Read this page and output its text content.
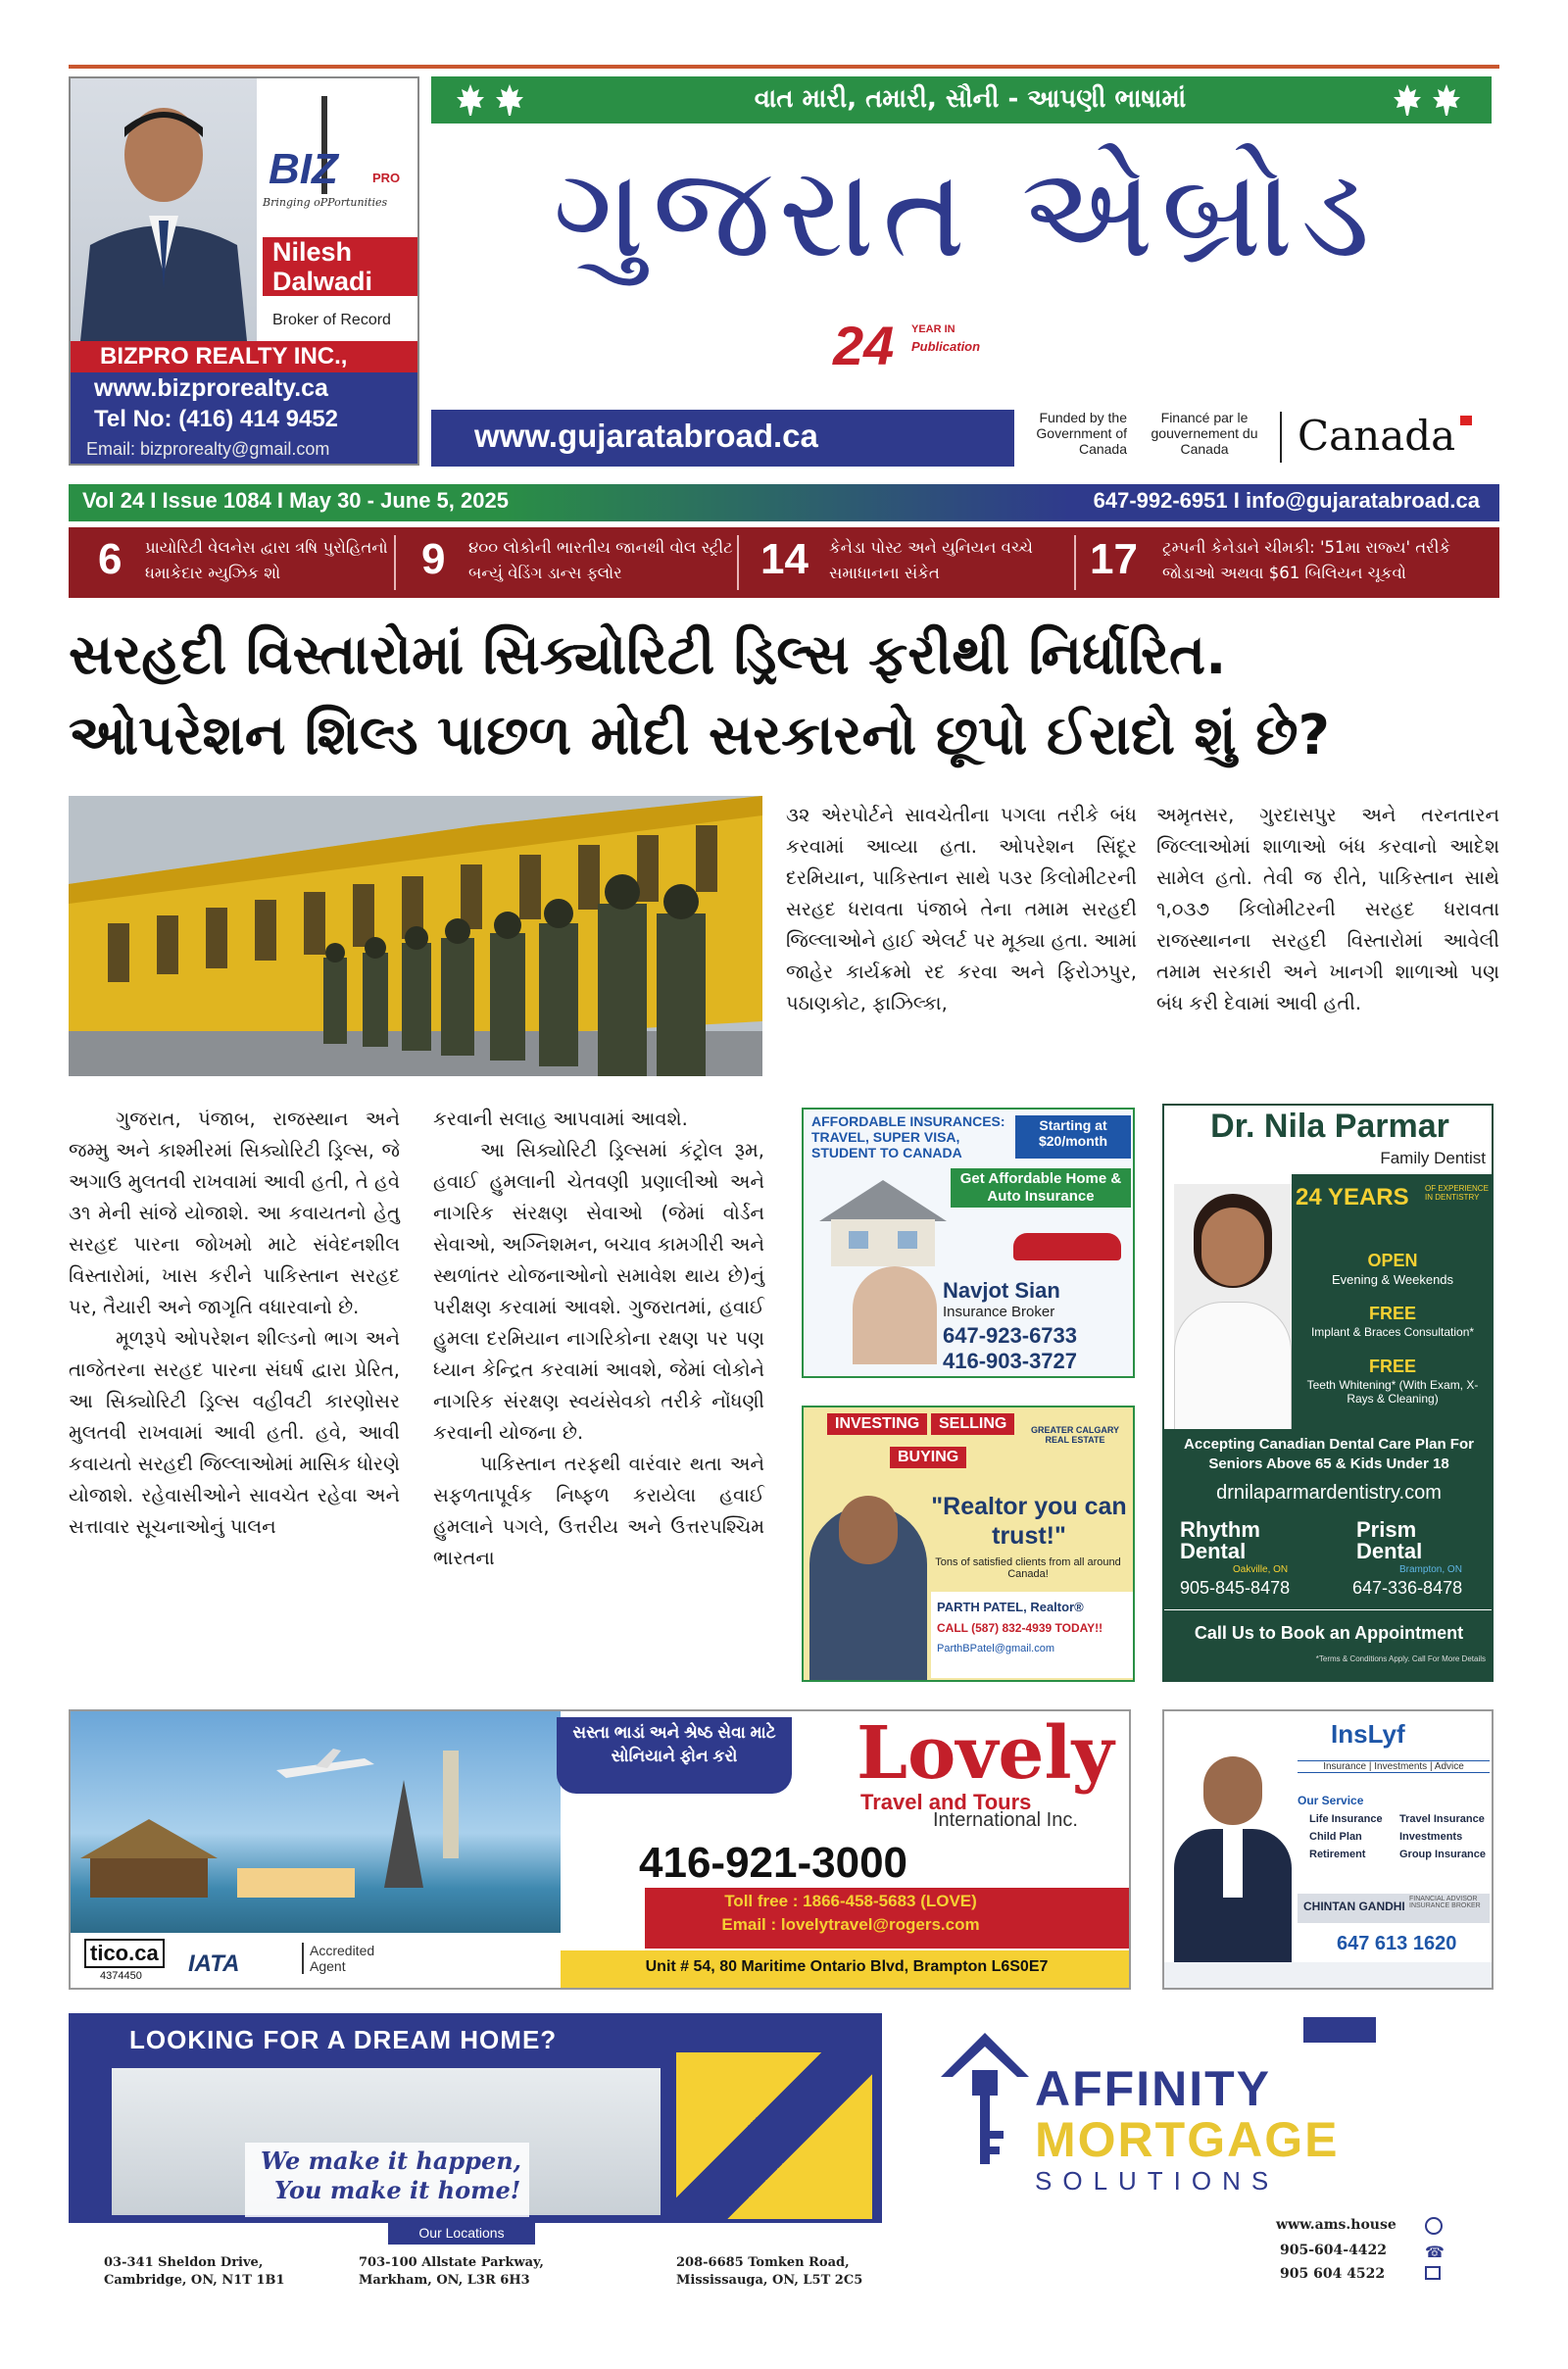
BIZ	PRO
Bringing oPPortunities
Nilesh
Dalwadi
Broker of Record
BIZPRO REALTY INC.,
www.bizprorealty.ca
Tel No: (416) 414 9452
Email: bizprorealty@gmail.com
વાત મારી, તમારી, સૌની - આપણી ભાષામાં
ગુજરાત એબ્રોડ
24 YEAR IN
Publication
www.gujaratabroad.ca	Funded by the Government of Canada
Financé par le gouvernement du Canada	Canada
Vol 24 I Issue 1084 I May 30 - June 5, 2025	647-992-6951 I info@gujaratabroad.ca
6 પ્રાયોરિટી વેલનેસ દ્વારા ત્રષિ પુરોહિતનો ધમાકેદાર મ્યુઝિક શો	9 ૪૦૦ લોકોની ભારતીય જાનથી વોલ સ્ટ્રીટ બન્યું વેડિંગ ડાન્સ ફ્લોર	14 કેનેડા પોસ્ટ અને યુનિયન વચ્ચે સમાધાનના સંકેત	17 ટ્રમ્પની કેનેડાને ચીમકી: '51મા રાજ્ય' તરીકે જોડાઓ અથવા $61 બિલિયન ચૂકવો
સરહદી વિસ્તારોમાં સિક્યોરિટી ડ્રિલ્સ ફરીથી નિર્ધારિત.
ઓપરેશન શિલ્ડ પાછળ મોદી સરકારનો છૂપો ઈરાદો શું છે?

૩૨ એરપોર્ટને સાવચેતીના પગલા તરીકે બંધ કરવામાં આવ્યા હતા. ઓપરેશન સિંદૂર દરમિયાન, પાકિસ્તાન સાથે પ૩ર કિલોમીટરની સરહદ ધરાવતા પંજાબે તેના તમામ સરહદી જિલ્લાઓને હાઈ એલર્ટ પર મૂક્યા હતા. આમાં જાહેર કાર્યક્રમો રદ કરવા અને ફિરોઝપુર, પઠાણકોટ, ફાઝિલ્કા,

અમૃતસર, ગુરદાસપુર અને તરનતારન જિલ્લાઓમાં શાળાઓ બંધ કરવાનો આદેશ સામેલ હતો. તેવી જ રીતે, પાકિસ્તાન સાથે ૧,૦૩૭ કિલોમીટરની સરહદ ધરાવતા રાજસ્થાનના સરહદી વિસ્તારોમાં આવેલી તમામ સરકારી અને ખાનગી શાળાઓ પણ બંધ કરી દેવામાં આવી હતી.

ગુજરાત, પંજાબ, રાજસ્થાન અને જમ્મુ અને કાશ્મીરમાં સિક્યોરિટી ડ્રિલ્સ, જે અગાઉ મુલતવી રાખવામાં આવી હતી, તે હવે ૩૧ મેની સાંજે યોજાશે. આ કવાયતનો હેતુ સરહદ પારના જોખમો માટે સંવેદનશીલ વિસ્તારોમાં, ખાસ કરીને પાકિસ્તાન સરહદ પર, તૈયારી અને જાગૃતિ વધારવાનો છે.

મૂળરૂપે ઓપરેશન શીલ્ડનો ભાગ અને તાજેતરના સરહદ પારના સંઘર્ષ દ્વારા પ્રેરિત, આ સિક્યોરિટી ડ્રિલ્સ વહીવટી કારણોસર મુલતવી રાખવામાં આવી હતી. હવે, આવી કવાયતો સરહદી જિલ્લાઓમાં માસિક ધોરણે યોજાશે. રહેવાસીઓને સાવચેત રહેવા અને સત્તાવાર સૂચનાઓનું પાલન

કરવાની સલાહ આપવામાં આવશે.

આ સિક્યોરિટી ડ્રિલ્સમાં કંટ્રોલ રૂમ, હવાઈ હુમલાની ચેતવણી પ્રણાલીઓ અને નાગરિક સંરક્ષણ સેવાઓ (જેમાં વોર્ડન સેવાઓ, અગ્નિશમન, બચાવ કામગીરી અને સ્થળાંતર યોજનાઓનો સમાવેશ થાય છે)નું પરીક્ષણ કરવામાં આવશે. ગુજરાતમાં, હવાઈ હુમલા દરમિયાન નાગરિકોના રક્ષણ પર પણ ધ્યાન કેન્દ્રિત કરવામાં આવશે, જેમાં લોકોને નાગરિક સંરક્ષણ સ્વયંસેવકો તરીકે નોંધણી કરવાની યોજના છે.

પાકિસ્તાન તરફથી વારંવાર થતા અને સફળતાપૂર્વક નિષ્ફળ કરાયેલા હવાઈ હુમલાને પગલે, ઉત્તરીય અને ઉત્તરપશ્ચિમ ભારતના

AFFORDABLE INSURANCES: TRAVEL, SUPER VISA, STUDENT TO CANADA
Starting at $20/month
Get Affordable Home & Auto Insurance
Navjot Sian
Insurance Broker
647-923-6733
416-903-3727
INVESTING	SELLING
BUYING
GREATER CALGARY REAL ESTATE
"Realtor you can trust!"
Tons of satisfied clients from all around Canada!
PARTH PATEL, Realtor®
CALL (587) 832-4939 TODAY!!
ParthBPatel@gmail.com
Dr. Nila Parmar
Family Dentist
24 YEARS OF EXPERIENCE IN DENTISTRY
OPEN
Evening & Weekends
FREE
Implant & Braces Consultation*
FREE
Teeth Whitening* (With Exam, X-Rays & Cleaning)
Accepting Canadian Dental Care Plan For Seniors Above 65 & Kids Under 18
drnilaparmardentistry.com
Rhythm Dental
Oakville, ON
905-845-8478
Prism Dental
Brampton, ON
647-336-8478
Call Us to Book an Appointment
*Terms & Conditions Apply. Call For More Details
tico.ca
4374450 IATA	Accredited Agent
સસ્તા ભાડાં અને શ્રેષ્ઠ સેવા માટે સોનિયાને ફોન કરો	Lovely
Travel and Tours
International Inc.
416-921-3000
Toll free : 1866-458-5683 (LOVE)
Email : lovelytravel@rogers.com
Unit # 54, 80 Maritime Ontario Blvd, Brampton L6S0E7
InsLyf
Insurance | Investments | Advice
Our Service
Life Insurance Travel Insurance
Child Plan	Investments
Retirement	Group Insurance
CHINTAN GANDHI
FINANCIAL ADVISOR INSURANCE BROKER
647 613 1620
LOOKING FOR A DREAM HOME?
We make it happen,
You make it home!
Our Locations
03-341 Sheldon Drive, Cambridge, ON, N1T 1B1
703-100 Allstate Parkway, Markham, ON, L3R 6H3
208-6685 Tomken Road, Mississauga, ON, L5T 2C5
AFFINITY
MORTGAGE
SOLUTIONS
www.ams.house
905-604-4422 ☎
905 604 4522
